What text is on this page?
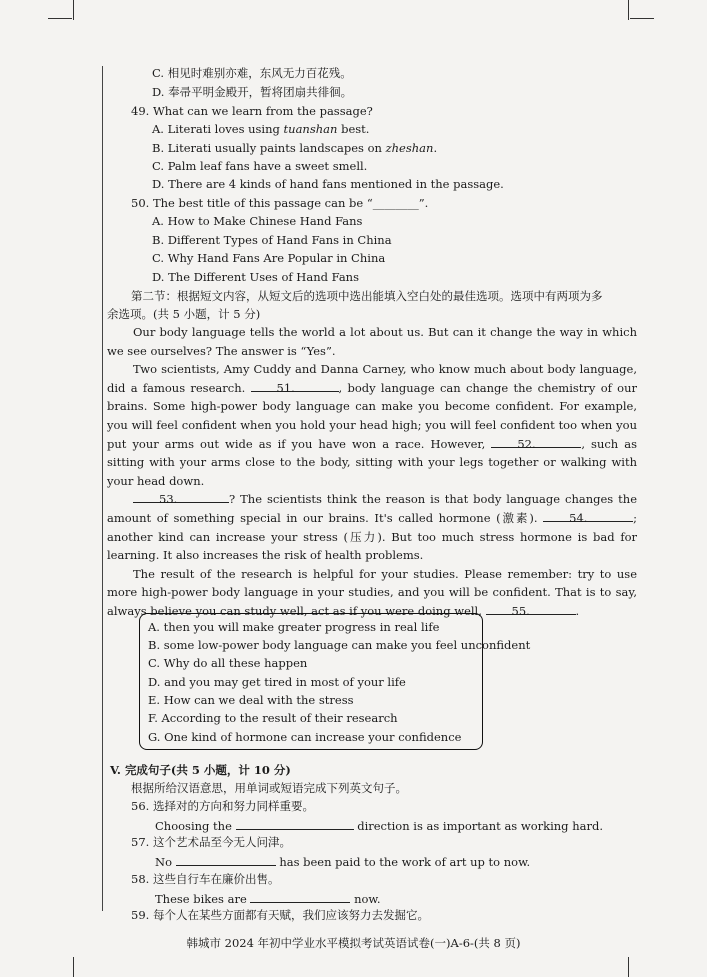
C. 相见时难别亦难，东风无力百花残。
D. 奉帚平明金殿开，暂将团扇共徘徊。
49. What can we learn from the passage?
A. Literati loves using tuanshan best.
B. Literati usually paints landscapes on zheshan.
C. Palm leaf fans have a sweet smell.
D. There are 4 kinds of hand fans mentioned in the passage.
50. The best title of this passage can be “________”.
A. How to Make Chinese Hand Fans
B. Different Types of Hand Fans in China
C. Why Hand Fans Are Popular in China
D. The Different Uses of Hand Fans
第二节：根据短文内容，从短文后的选项中选出能填入空白处的最佳选项。选项中有两项为多
余选项。(共 5 小题，计 5 分)

Our body language tells the world a lot about us. But can it change the way in which we see ourselves? The answer is “Yes”.

Two scientists, Amy Cuddy and Danna Carney, who know much about body language, did a famous research.	51.	, body language can change the chemistry of our brains. Some high-power body language can make you become confident. For example, you will feel confident when you hold your head high; you will feel confident too when you put your arms out wide as if you have won a race. However,	52.	, such as sitting with your arms close to the body, sitting with your legs together or walking with your head down.

53.	? The scientists think the reason is that body language changes the amount of something special in our brains. It's called hormone (激素).	54.	; another kind can increase your stress (压力). But too much stress hormone is bad for learning. It also increases the risk of health problems.

The result of the research is helpful for your studies. Please remember: try to use more high-power body language in your studies, and you will be confident. That is to say, always believe you can study well, act as if you were doing well,	55.	.

A. then you will make greater progress in real life
B. some low-power body language can make you feel unconfident
C. Why do all these happen
D. and you may get tired in most of your life
E. How can we deal with the stress
F. According to the result of their research
G. One kind of hormone can increase your confidence
V. 完成句子(共 5 小题，计 10 分)
根据所给汉语意思，用单词或短语完成下列英文句子。
56. 选择对的方向和努力同样重要。
Choosing the	direction is as important as working hard.
57. 这个艺术品至今无人问津。
No	has been paid to the work of art up to now.
58. 这些自行车在廉价出售。
These bikes are	now.
59. 每个人在某些方面都有天赋，我们应该努力去发掘它。
韩城市 2024 年初中学业水平模拟考试英语试卷(一)A-6-(共 8 页)
